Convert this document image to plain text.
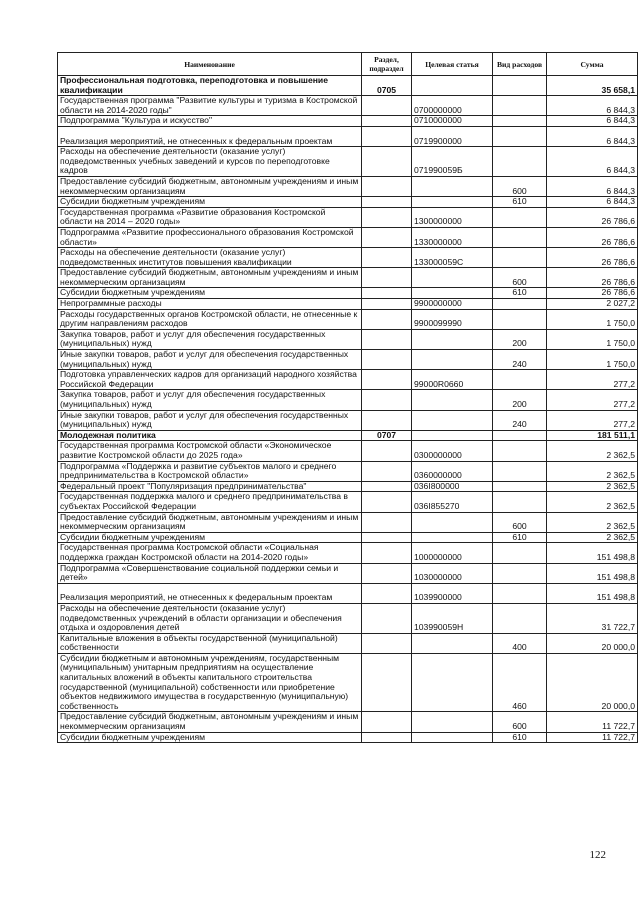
Наименование	Раздел, подраздел	Целевая статья	Вид расходов	Сумма
Профессиональная подготовка, переподготовка и повышение квалификации	0705			35 658,1
Государственная программа "Развитие культуры и туризма в Костромской области на 2014-2020 годы"		0700000000		6 844,3
Подпрограмма "Культура и искусство"		0710000000		6 844,3
Реализация мероприятий, не отнесенных к федеральным проектам		0719900000		6 844,3
Расходы на обеспечение деятельности (оказание услуг) подведомственных учебных заведений и курсов по переподготовке кадров		071990059Б		6 844,3
Предоставление субсидий бюджетным, автономным учреждениям и иным некоммерческим организациям			600	6 844,3
Субсидии бюджетным учреждениям			610	6 844,3
Государственная программа «Развитие образования Костромской области на 2014 – 2020 годы»		1300000000		26 786,6
Подпрограмма «Развитие профессионального образования Костромской области»		1330000000		26 786,6
Расходы на обеспечение деятельности (оказание услуг) подведомственных институтов повышения квалификации		133000059С		26 786,6
Предоставление субсидий бюджетным, автономным учреждениям и иным некоммерческим организациям			600	26 786,6
Субсидии бюджетным учреждениям			610	26 786,6
Непрограммные расходы		9900000000		2 027,2
Расходы государственных органов Костромской области, не отнесенные к другим направлениям расходов		9900099990		1 750,0
Закупка товаров, работ и услуг для обеспечения государственных (муниципальных) нужд			200	1 750,0
Иные закупки товаров, работ и услуг для обеспечения государственных (муниципальных) нужд			240	1 750,0
Подготовка управленческих кадров для организаций народного хозяйства Российской Федерации		99000R0660		277,2
Закупка товаров, работ и услуг для обеспечения государственных (муниципальных) нужд			200	277,2
Иные закупки товаров, работ и услуг для обеспечения государственных (муниципальных) нужд			240	277,2
Молодежная политика	0707			181 511,1
Государственная программа Костромской области «Экономическое развитие Костромской области до 2025 года»		0300000000		2 362,5
Подпрограмма «Поддержка и развитие субъектов малого и среднего предпринимательства в Костромской области»		0360000000		2 362,5
Федеральный проект "Популяризация предпринимательства"		036I800000		2 362,5
Государственная поддержка малого и среднего предпринимательства в субъектах Российской Федерации		036I855270		2 362,5
Предоставление субсидий бюджетным, автономным учреждениям и иным некоммерческим организациям			600	2 362,5
Субсидии бюджетным учреждениям			610	2 362,5
Государственная программа Костромской области «Социальная поддержка граждан Костромской области на 2014-2020 годы»		1000000000		151 498,8
Подпрограмма «Совершенствование социальной поддержки семьи и детей»		1030000000		151 498,8
Реализация мероприятий, не отнесенных к федеральным проектам		1039900000		151 498,8
Расходы на обеспечение деятельности (оказание услуг) подведомственных учреждений в области организации и обеспечения отдыха и оздоровления детей		103990059Н		31 722,7
Капитальные вложения в объекты государственной (муниципальной) собственности			400	20 000,0
Субсидии бюджетным и автономным учреждениям, государственным (муниципальным) унитарным предприятиям на осуществление капитальных вложений в объекты капитального строительства государственной (муниципальной) собственности или приобретение объектов недвижимого имущества в государственную (муниципальную) собственность			460	20 000,0
Предоставление субсидий бюджетным, автономным учреждениям и иным некоммерческим организациям			600	11 722,7
Субсидии бюджетным учреждениям			610	11 722,7
122
